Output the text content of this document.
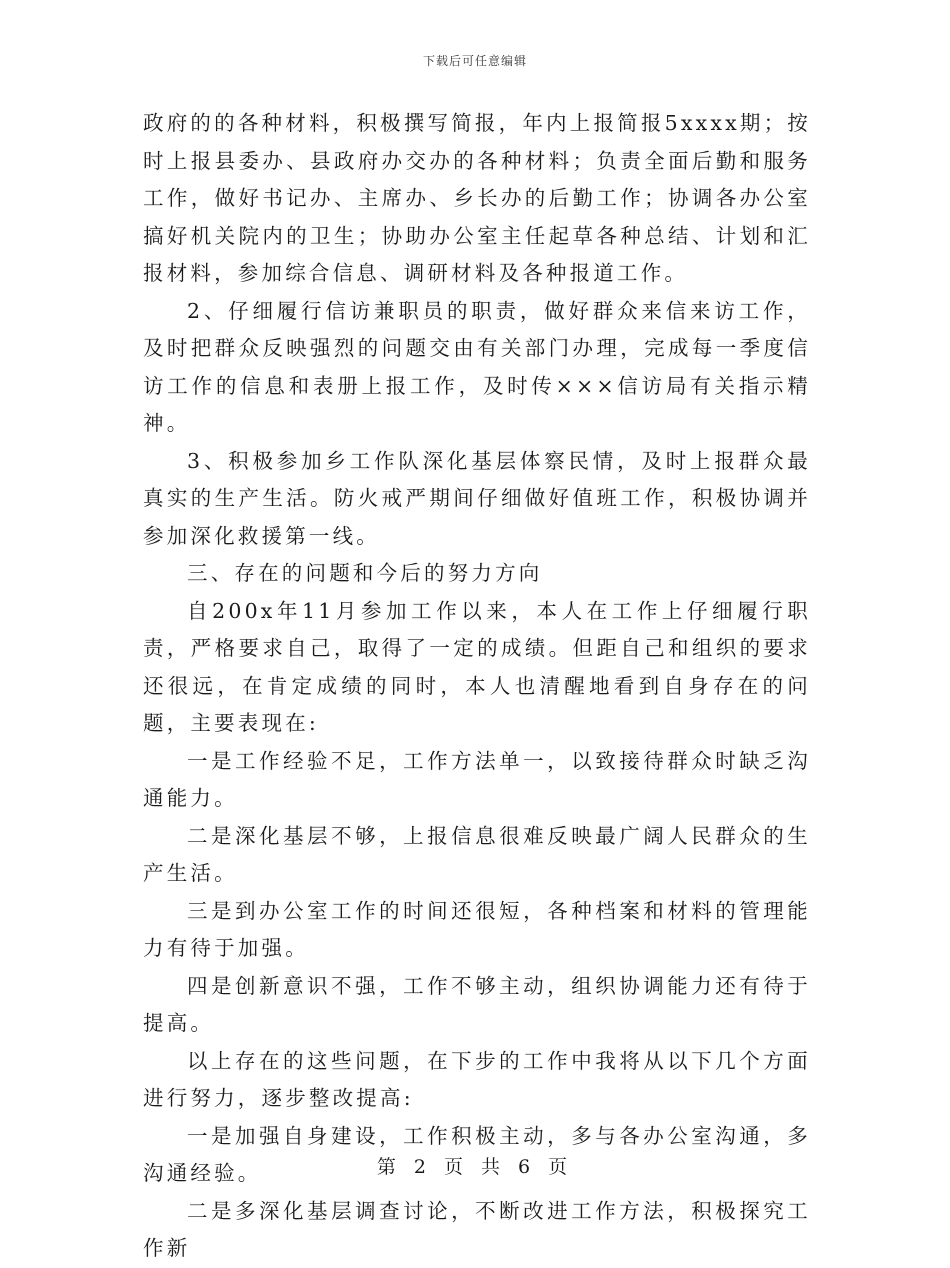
下载后可任意编辑

政府的的各种材料，积极撰写简报，年内上报简报5xxxx期；按时上报县委办、县政府办交办的各种材料；负责全面后勤和服务工作，做好书记办、主席办、乡长办的后勤工作；协调各办公室搞好机关院内的卫生；协助办公室主任起草各种总结、计划和汇报材料，参加综合信息、调研材料及各种报道工作。

2、仔细履行信访兼职员的职责，做好群众来信来访工作，及时把群众反映强烈的问题交由有关部门办理，完成每一季度信访工作的信息和表册上报工作，及时传×××信访局有关指示精神。

3、积极参加乡工作队深化基层体察民情，及时上报群众最真实的生产生活。防火戒严期间仔细做好值班工作，积极协调并参加深化救援第一线。

三、存在的问题和今后的努力方向

自200x年11月参加工作以来，本人在工作上仔细履行职责，严格要求自己，取得了一定的成绩。但距自己和组织的要求还很远，在肯定成绩的同时，本人也清醒地看到自身存在的问题，主要表现在:

一是工作经验不足，工作方法单一，以致接待群众时缺乏沟通能力。

二是深化基层不够，上报信息很难反映最广阔人民群众的生产生活。

三是到办公室工作的时间还很短，各种档案和材料的管理能力有待于加强。

四是创新意识不强，工作不够主动，组织协调能力还有待于提高。

以上存在的这些问题，在下步的工作中我将从以下几个方面进行努力，逐步整改提高:

一是加强自身建设，工作积极主动，多与各办公室沟通，多沟通经验。

二是多深化基层调查讨论，不断改进工作方法，积极探究工作新

第 2 页 共 6 页
